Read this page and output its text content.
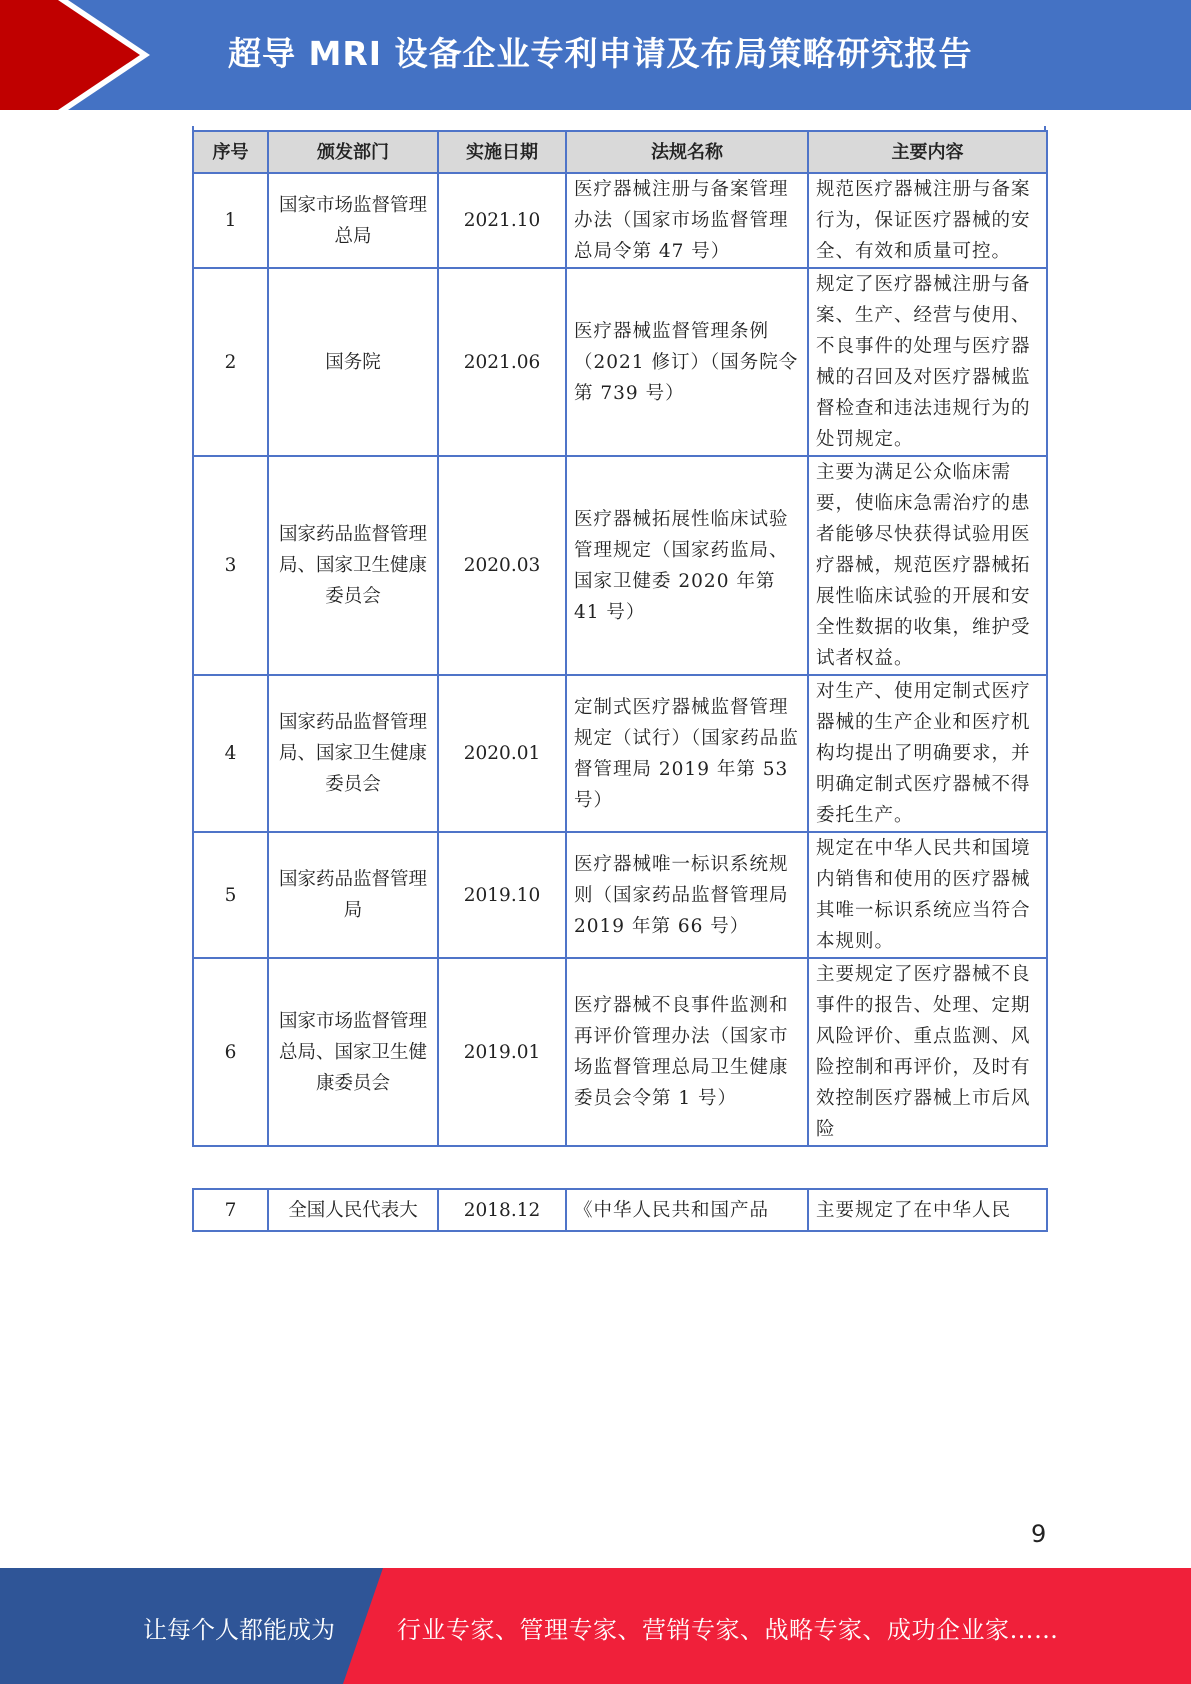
超导 MRI 设备企业专利申请及布局策略研究报告
序号	颁发部门	实施日期	法规名称	主要内容
1	国家市场监督管理总局	2021.10	医疗器械注册与备案管理办法（国家市场监督管理总局令第 47 号）	规范医疗器械注册与备案行为，保证医疗器械的安全、有效和质量可控。
2	国务院	2021.06	医疗器械监督管理条例（2021 修订）（国务院令第 739 号）	规定了医疗器械注册与备案、生产、经营与使用、不良事件的处理与医疗器械的召回及对医疗器械监督检查和违法违规行为的处罚规定。
3	国家药品监督管理局、国家卫生健康委员会	2020.03	医疗器械拓展性临床试验管理规定（国家药监局、国家卫健委 2020 年第 41 号）	主要为满足公众临床需要，使临床急需治疗的患者能够尽快获得试验用医疗器械，规范医疗器械拓展性临床试验的开展和安全性数据的收集，维护受试者权益。
4	国家药品监督管理局、国家卫生健康委员会	2020.01	定制式医疗器械监督管理规定（试行）（国家药品监督管理局 2019 年第 53 号）	对生产、使用定制式医疗器械的生产企业和医疗机构均提出了明确要求，并明确定制式医疗器械不得委托生产。
5	国家药品监督管理局	2019.10	医疗器械唯一标识系统规则（国家药品监督管理局 2019 年第 66 号）	规定在中华人民共和国境内销售和使用的医疗器械其唯一标识系统应当符合本规则。
6	国家市场监督管理总局、国家卫生健康委员会	2019.01	医疗器械不良事件监测和再评价管理办法（国家市场监督管理总局卫生健康委员会令第 1 号）	主要规定了医疗器械不良事件的报告、处理、定期风险评价、重点监测、风险控制和再评价，及时有效控制医疗器械上市后风险
7	全国人民代表大	2018.12	《中华人民共和国产品	主要规定了在中华人民
9
让每个人都能成为	行业专家、管理专家、营销专家、战略专家、成功企业家……
